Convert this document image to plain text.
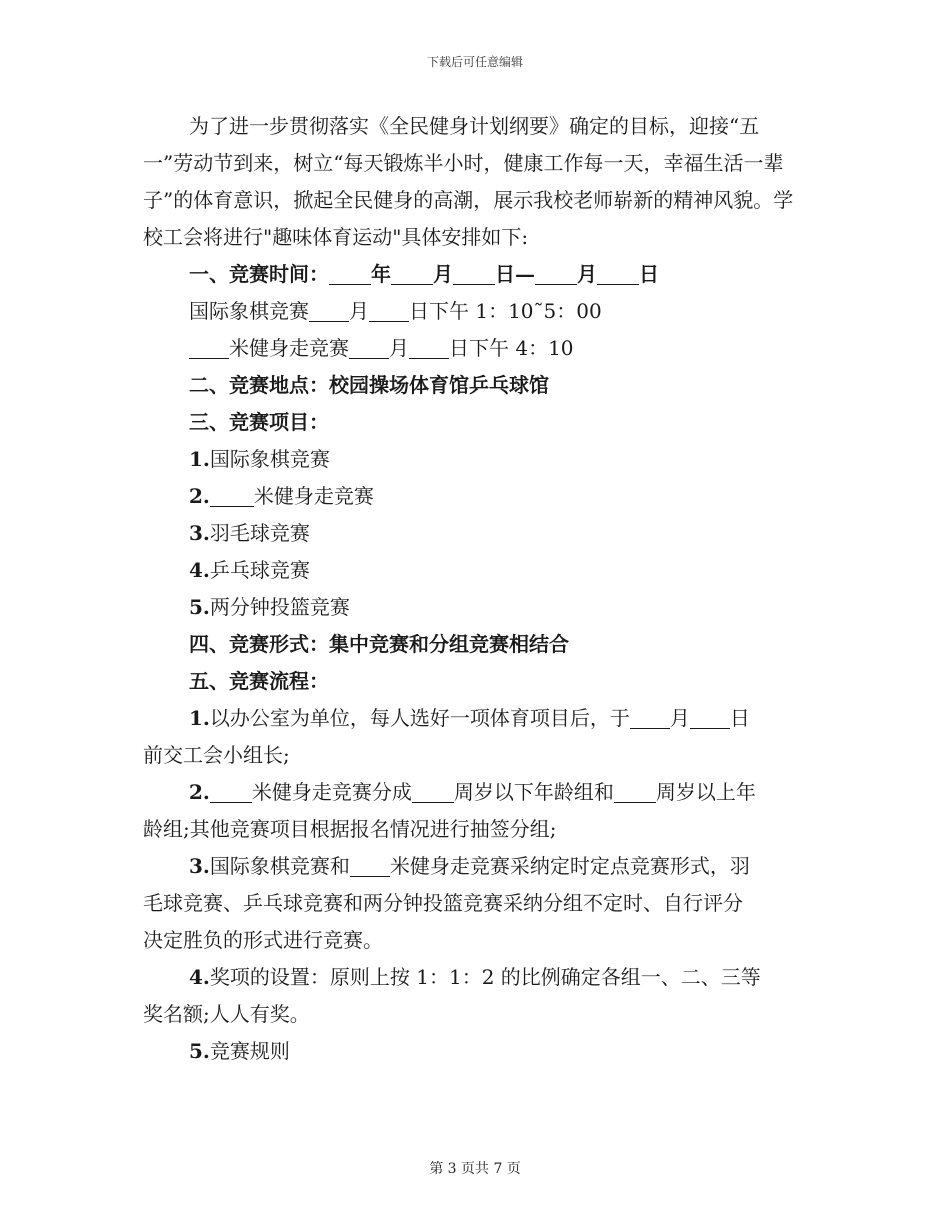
下载后可任意编辑

为了进一步贯彻落实《全民健身计划纲要》确定的目标，迎接“五一”劳动节到来，树立“每天锻炼半小时，健康工作每一天，幸福生活一辈子”的体育意识，掀起全民健身的高潮，展示我校老师崭新的精神风貌。学校工会将进行"趣味体育运动"具体安排如下:

一、竞赛时间： 年 月 日— 月 日

国际象棋竞赛 月 日下午 1：10˜5：00

米健身走竞赛 月 日下午 4：10

二、竞赛地点：校园操场体育馆乒乓球馆

三、竞赛项目：

1.国际象棋竞赛

2. 米健身走竞赛

3.羽毛球竞赛

4.乒乓球竞赛

5.两分钟投篮竞赛

四、竞赛形式：集中竞赛和分组竞赛相结合

五、竞赛流程：

1.以办公室为单位，每人选好一项体育项目后，于 月 日

前交工会小组长;

2. 米健身走竞赛分成 周岁以下年龄组和 周岁以上年

龄组;其他竞赛项目根据报名情况进行抽签分组;

3.国际象棋竞赛和 米健身走竞赛采纳定时定点竞赛形式，羽

毛球竞赛、乒乓球竞赛和两分钟投篮竞赛采纳分组不定时、自行评分

决定胜负的形式进行竞赛。

4.奖项的设置：原则上按 1：1：2 的比例确定各组一、二、三等

奖名额;人人有奖。

5.竞赛规则

第 3 页共 7 页
